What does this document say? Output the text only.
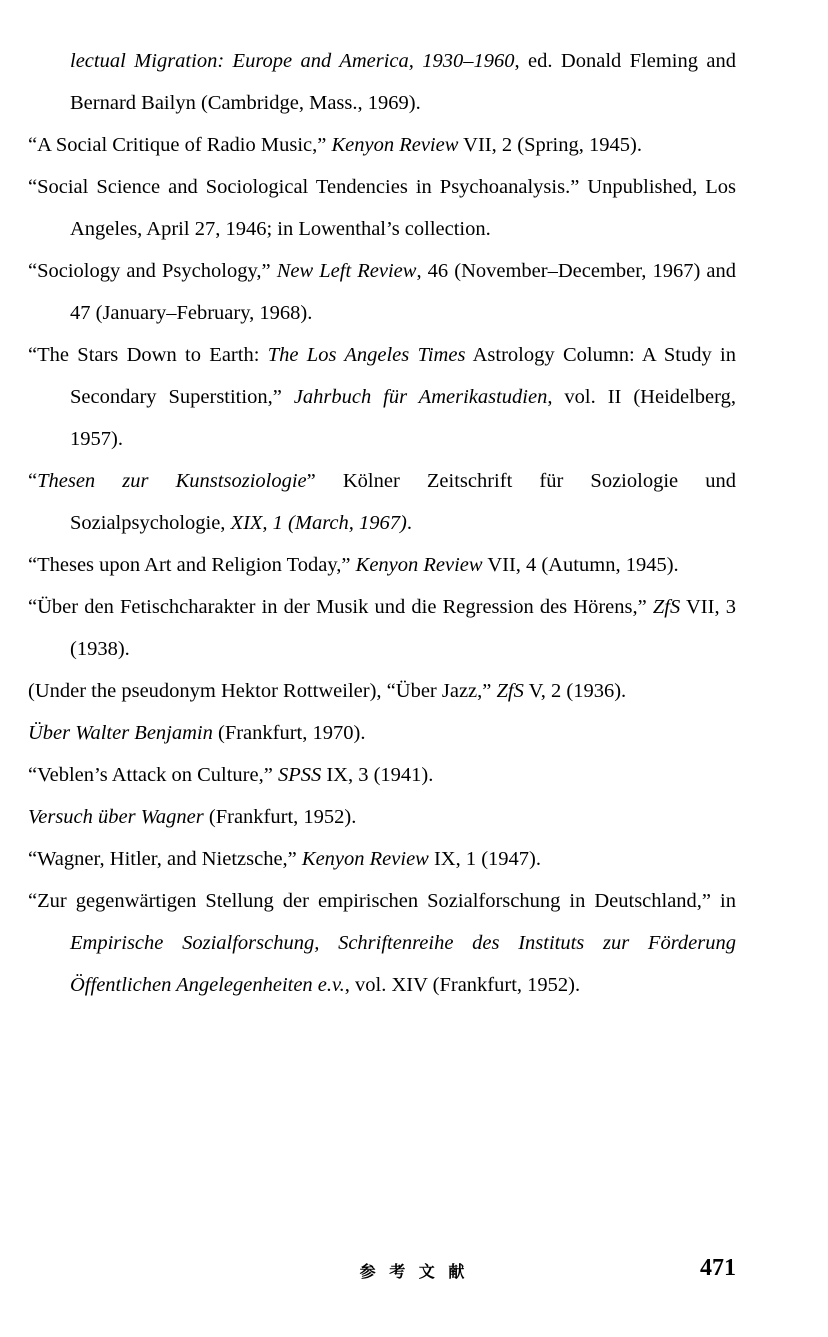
lectual Migration: Europe and America, 1930–1960, ed. Donald Fleming and Bernard Bailyn (Cambridge, Mass., 1969).
“A Social Critique of Radio Music,” Kenyon Review VII, 2 (Spring, 1945).
“Social Science and Sociological Tendencies in Psychoanalysis.” Unpublished, Los Angeles, April 27, 1946; in Lowenthal’s collection.
“Sociology and Psychology,” New Left Review, 46 (November–December, 1967) and 47 (January–February, 1968).
“The Stars Down to Earth: The Los Angeles Times Astrology Column: A Study in Secondary Superstition,” Jahrbuch für Amerikastudien, vol. II (Heidelberg, 1957).
“Thesen zur Kunstsoziologie” Kölner Zeitschrift für Soziologie und Sozialpsychologie, XIX, 1 (March, 1967).
“Theses upon Art and Religion Today,” Kenyon Review VII, 4 (Autumn, 1945).
“Über den Fetischcharakter in der Musik und die Regression des Hörens,” ZfS VII, 3 (1938).
(Under the pseudonym Hektor Rottweiler), “Über Jazz,” ZfS V, 2 (1936).
Über Walter Benjamin (Frankfurt, 1970).
“Veblen’s Attack on Culture,” SPSS IX, 3 (1941).
Versuch über Wagner (Frankfurt, 1952).
“Wagner, Hitler, and Nietzsche,” Kenyon Review IX, 1 (1947).
“Zur gegenwärtigen Stellung der empirischen Sozialforschung in Deutschland,” in Empirische Sozialforschung, Schriftenreihe des Instituts zur Förderung Öffentlichen Angelegenheiten e.v., vol. XIV (Frankfurt, 1952).
参 考 文 献	471
